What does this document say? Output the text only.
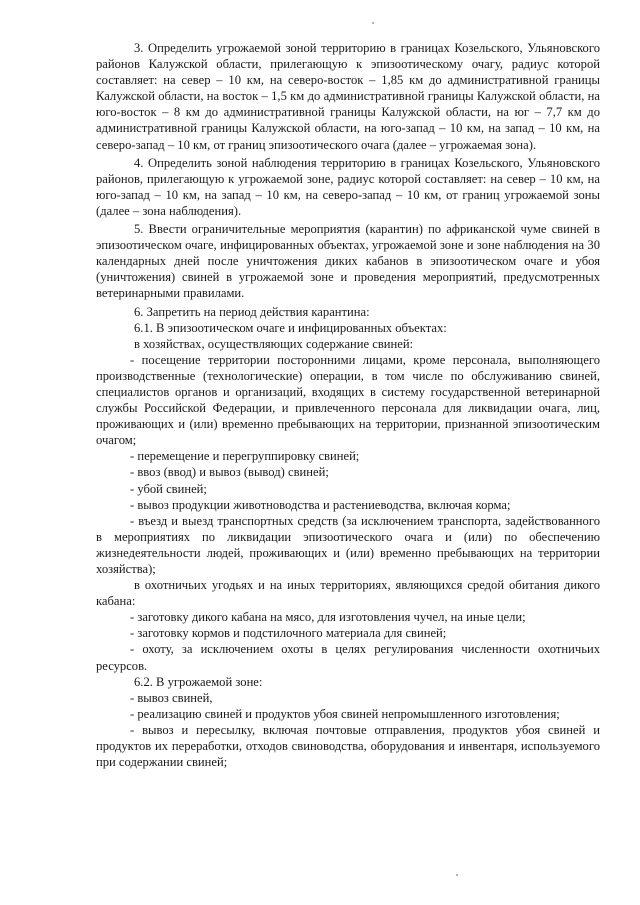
3. Определить угрожаемой зоной территорию в границах Козельского, Ульяновского районов Калужской области, прилегающую к эпизоотическому очагу, радиус которой составляет: на север – 10 км, на северо-восток – 1,85 км до административной границы Калужской области, на восток – 1,5 км до административной границы Калужской области, на юго-восток – 8 км до административной границы Калужской области, на юг – 7,7 км до административной границы Калужской области, на юго-запад – 10 км, на запад – 10 км, на северо-запад – 10 км, от границ эпизоотического очага (далее – угрожаемая зона).

4. Определить зоной наблюдения территорию в границах Козельского, Ульяновского районов, прилегающую к угрожаемой зоне, радиус которой составляет: на север – 10 км, на юго-запад – 10 км, на запад – 10 км, на северо-запад – 10 км, от границ угрожаемой зоны (далее – зона наблюдения).

5. Ввести ограничительные мероприятия (карантин) по африканской чуме свиней в эпизоотическом очаге, инфицированных объектах, угрожаемой зоне и зоне наблюдения на 30 календарных дней после уничтожения диких кабанов в эпизоотическом очаге и убоя (уничтожения) свиней в угрожаемой зоне и проведения мероприятий, предусмотренных ветеринарными правилами.

6. Запретить на период действия карантина:

6.1. В эпизоотическом очаге и инфицированных объектах:

в хозяйствах, осуществляющих содержание свиней:

- посещение территории посторонними лицами, кроме персонала, выполняющего производственные (технологические) операции, в том числе по обслуживанию свиней, специалистов органов и организаций, входящих в систему государственной ветеринарной службы Российской Федерации, и привлеченного персонала для ликвидации очага, лиц, проживающих и (или) временно пребывающих на территории, признанной эпизоотическим очагом;

- перемещение и перегруппировку свиней;

- ввоз (ввод) и вывоз (вывод) свиней;

- убой свиней;

- вывоз продукции животноводства и растениеводства, включая корма;

- въезд и выезд транспортных средств (за исключением транспорта, задействованного в мероприятиях по ликвидации эпизоотического очага и (или) по обеспечению жизнедеятельности людей, проживающих и (или) временно пребывающих на территории хозяйства);

в охотничьих угодьях и на иных территориях, являющихся средой обитания дикого кабана:

- заготовку дикого кабана на мясо, для изготовления чучел, на иные цели;

- заготовку кормов и подстилочного материала для свиней;

- охоту, за исключением охоты в целях регулирования численности охотничьих ресурсов.

6.2. В угрожаемой зоне:

- вывоз свиней,

- реализацию свиней и продуктов убоя свиней непромышленного изготовления;

- вывоз и пересылку, включая почтовые отправления, продуктов убоя свиней и продуктов их переработки, отходов свиноводства, оборудования и инвентаря, используемого при содержании свиней;
